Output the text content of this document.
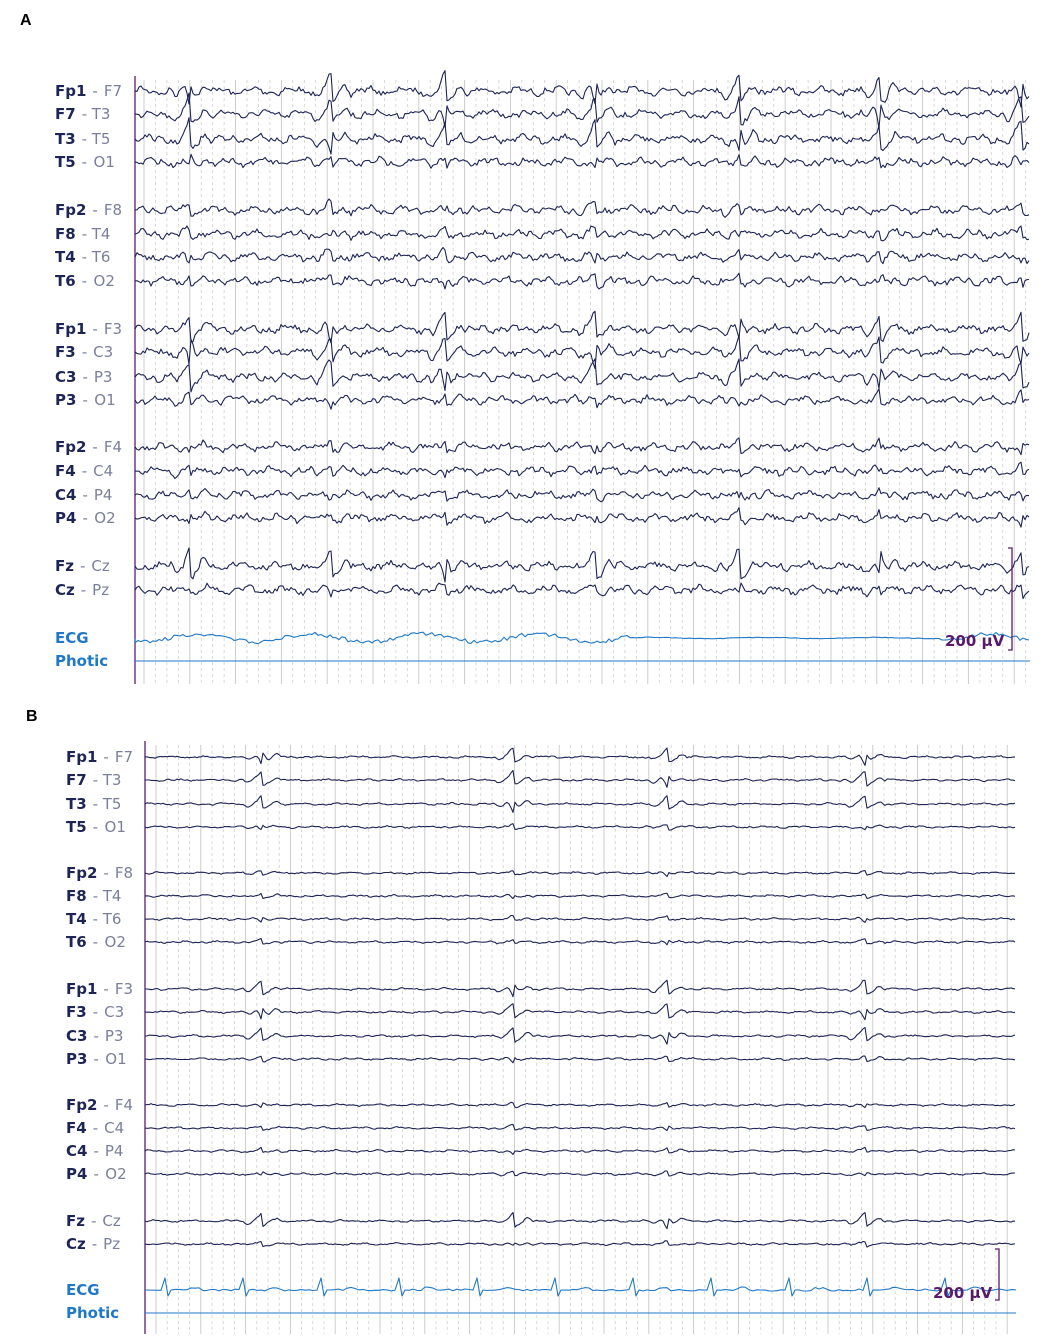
A
B
Fp1 - F7
F7 - T3
T3 - T5
T5 - O1
Fp2 - F8
F8 - T4
T4 - T6
T6 - O2
Fp1 - F3
F3 - C3
C3 - P3
P3 - O1
Fp2 - F4
F4 - C4
C4 - P4
P4 - O2
Fz - Cz
Cz - Pz
ECG
Photic
200 µV
Fp1 - F7
F7 - T3
T3 - T5
T5 - O1
Fp2 - F8
F8 - T4
T4 - T6
T6 - O2
Fp1 - F3
F3 - C3
C3 - P3
P3 - O1
Fp2 - F4
F4 - C4
C4 - P4
P4 - O2
Fz - Cz
Cz - Pz
ECG
Photic
200 µV
